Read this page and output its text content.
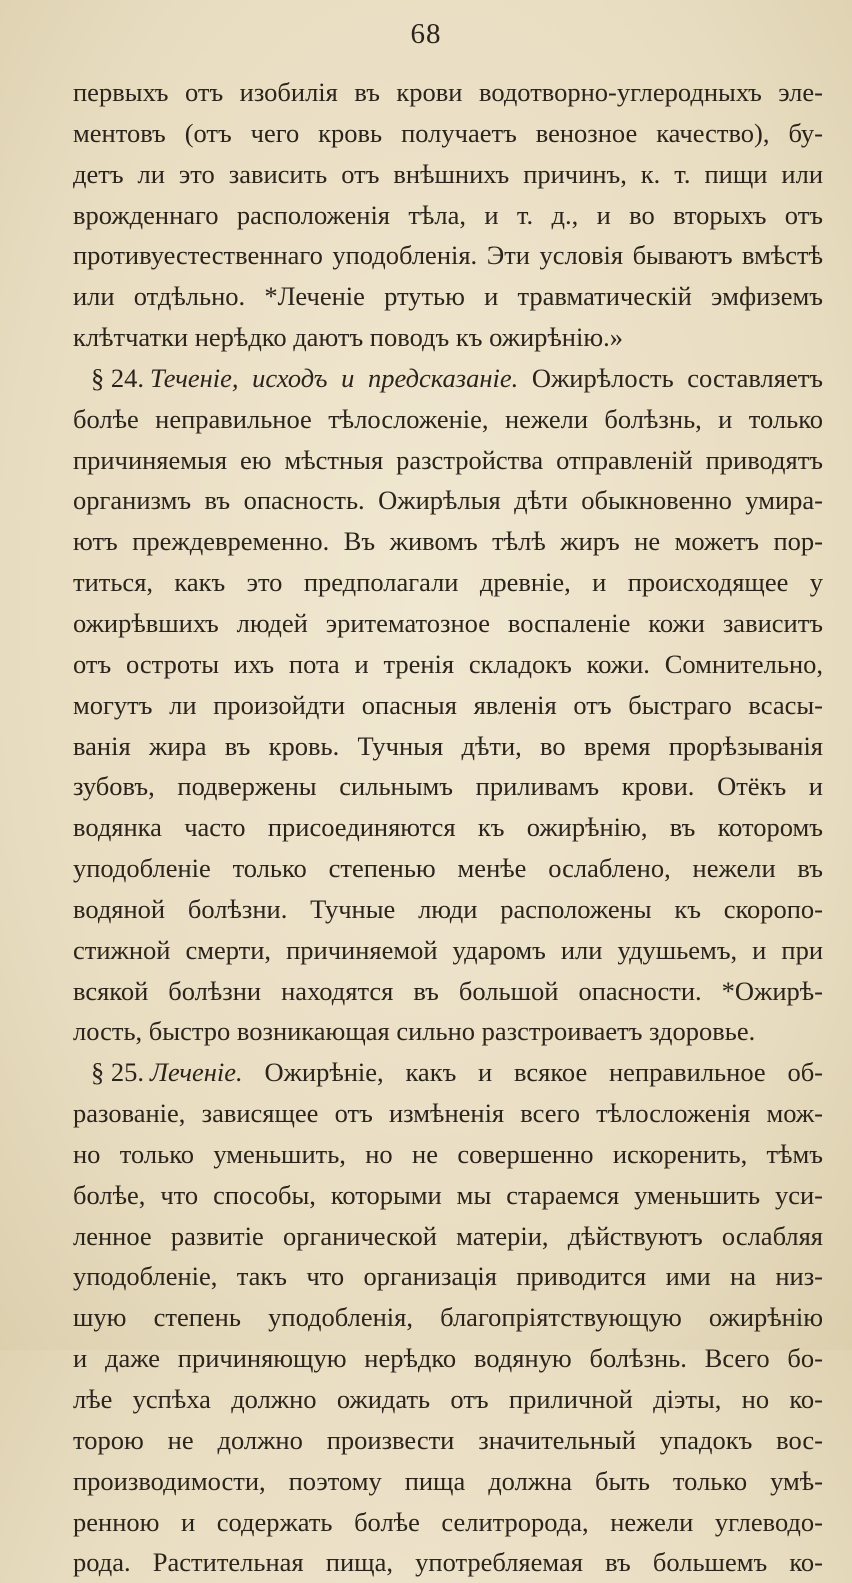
68
первыхъ отъ изобилія въ крови водотворно-углеродныхъ элe-
ментовъ (отъ чего кровь получаетъ венозное качество), бу-
детъ ли это зависить отъ внѣшнихъ причинъ, к. т. пищи или
врожденнаго расположенія тѣла, и т. д., и во вторыхъ отъ
противуестественнаго уподобленія. Эти условія бываютъ вмѣстѣ
или отдѣльно. *Леченіе ртутью и травматическій эмфиземъ
клѣтчатки нерѣдко даютъ поводъ къ ожирѣнію.»
§ 24. Теченіе, исходъ и предсказаніе. Ожирѣлость составляетъ
болѣе неправильное тѣлосложеніе, нежели болѣзнь, и только
причиняемыя ею мѣстныя разстройства отправленій приводятъ
организмъ въ опасность. Ожирѣлыя дѣти обыкновенно умира-
ютъ преждевременно. Въ живомъ тѣлѣ жиръ не можетъ пор-
титься, какъ это предполагали древніе, и происходящее у
ожирѣвшихъ людей эритематозное воспаленіе кожи зависитъ
отъ остроты ихъ пота и тренія складокъ кожи. Сомнительно,
могутъ ли произойдти опасныя явленія отъ быстраго всасы-
ванія жира въ кровь. Тучныя дѣти, во время прорѣзыванія
зубовъ, подвержены сильнымъ приливамъ крови. Отёкъ и
водянка часто присоединяются къ ожирѣнію, въ которомъ
уподобленіе только степенью менѣе ослаблено, нежели въ
водяной болѣзни. Тучные люди расположены къ скоропо-
стижной смерти, причиняемой ударомъ или удушьемъ, и при
всякой болѣзни находятся въ большой опасности. *Ожирѣ-
лость, быстро возникающая сильно разстроиваетъ здоровье.
§ 25. Леченіе. Ожирѣніе, какъ и всякое неправильное об-
разованіе, зависящее отъ измѣненія всего тѣлосложенія мож-
но только уменьшить, но не совершенно искоренить, тѣмъ
болѣе, что способы, которыми мы стараемся уменьшить уси-
ленное развитіе органической матеріи, дѣйствуютъ ослабляя
уподобленіе, такъ что организація приводится ими на низ-
шую степень уподобленія, благопріятствующую ожирѣнію
и даже причиняющую нерѣдко водяную болѣзнь. Всего бо-
лѣе успѣха должно ожидать отъ приличной діэты, но ко-
торою не должно произвести значительный упадокъ вос-
производимости, поэтому пища должна быть только умѣ-
ренною и содержать болѣе селитророда, нежели углеводо-
рода. Растительная пища, употребляемая въ большемъ ко-
